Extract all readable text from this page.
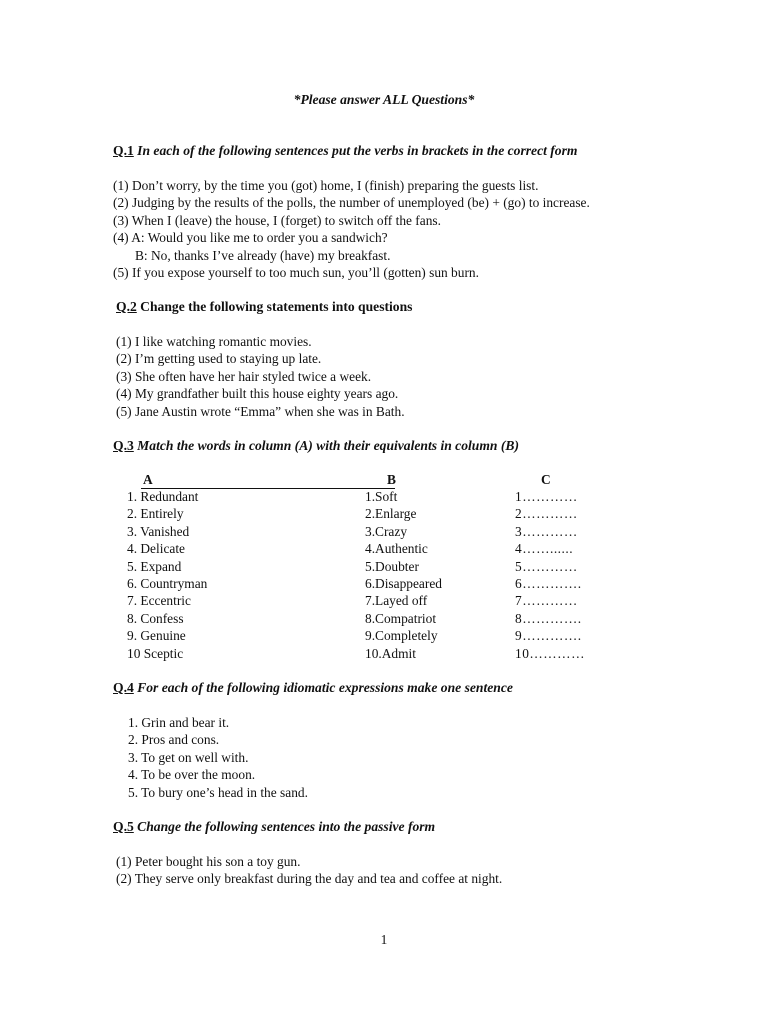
*Please answer ALL Questions*
Q.1 In each of the following sentences put the verbs in brackets in the correct form
(1) Don’t worry, by the time you (got) home, I (finish) preparing the guests list.
(2) Judging by the results of the polls, the number of unemployed (be) + (go) to increase.
(3) When I (leave) the house, I (forget) to switch off the fans.
(4) A: Would you like me to order you a sandwich?
B: No, thanks I’ve already (have) my breakfast.
(5) If you expose yourself to too much sun, you’ll (gotten) sun burn.
Q.2 Change the following statements into questions
(1) I like watching romantic movies.
(2) I’m getting used to staying up late.
(3) She often have her hair styled twice a week.
(4) My grandfather built this house eighty years ago.
(5) Jane Austin wrote “Emma” when she was in Bath.
Q.3 Match the words in column (A) with their equivalents in column (B)
A	B	C
1. Redundant	1.Soft	1…………
2. Entirely	2.Enlarge	2…………
3. Vanished	3.Crazy	3…………
4. Delicate	4.Authentic	4……......
5. Expand	5.Doubter	5…………
6. Countryman	6.Disappeared	6………….
7. Eccentric	7.Layed off	7…………
8. Confess	8.Compatriot	8………….
9. Genuine	9.Completely	9………….
10 Sceptic	10.Admit	10…………
Q.4 For each of the following idiomatic expressions make one sentence
1. Grin and bear it.
2. Pros and cons.
3. To get on well with.
4. To be over the moon.
5. To bury one’s head in the sand.
Q.5 Change the following sentences into the passive form
(1) Peter bought his son a toy gun.
(2) They serve only breakfast during the day and tea and coffee at night.
1
